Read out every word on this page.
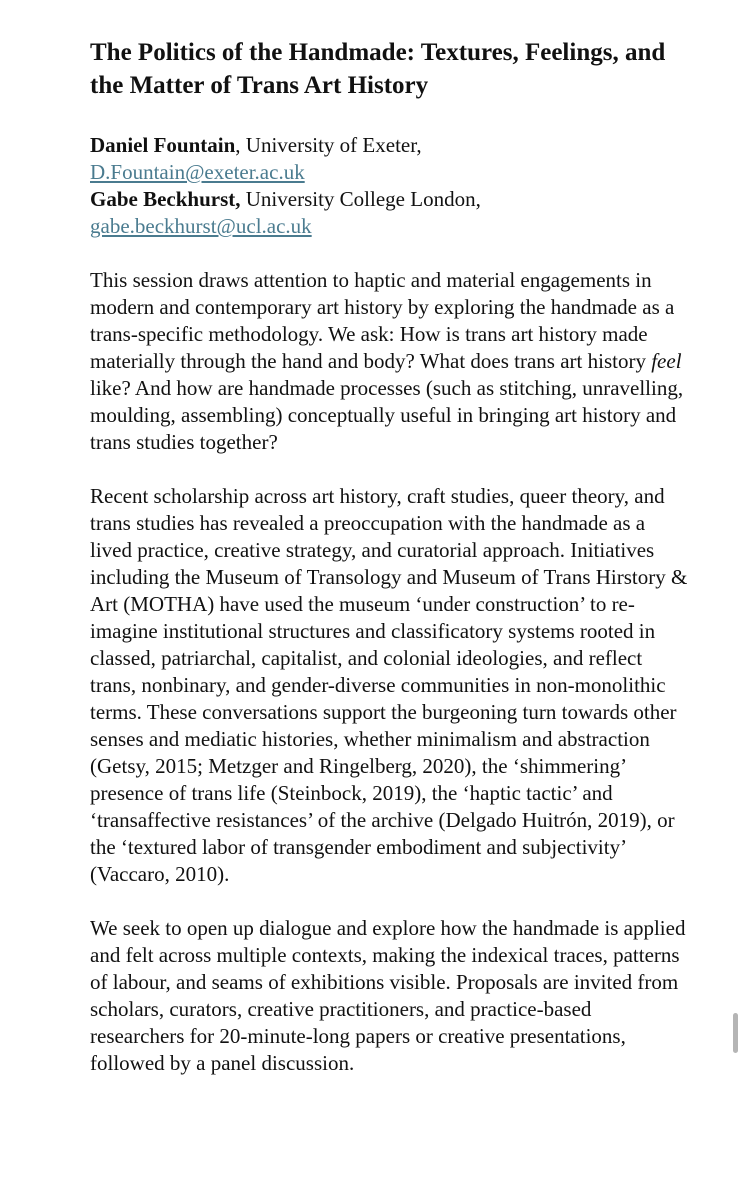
The Politics of the Handmade: Textures, Feelings, and the Matter of Trans Art History
Daniel Fountain, University of Exeter,
D.Fountain@exeter.ac.uk
Gabe Beckhurst, University College London,
gabe.beckhurst@ucl.ac.uk

This session draws attention to haptic and material engagements in modern and contemporary art history by exploring the handmade as a trans-specific methodology. We ask: How is trans art history made materially through the hand and body? What does trans art history feel like? And how are handmade processes (such as stitching, unravelling, moulding, assembling) conceptually useful in bringing art history and trans studies together?

Recent scholarship across art history, craft studies, queer theory, and trans studies has revealed a preoccupation with the handmade as a lived practice, creative strategy, and curatorial approach. Initiatives including the Museum of Transology and Museum of Trans Hirstory & Art (MOTHA) have used the museum ‘under construction’ to re-imagine institutional structures and classificatory systems rooted in classed, patriarchal, capitalist, and colonial ideologies, and reflect trans, nonbinary, and gender-diverse communities in non-monolithic terms. These conversations support the burgeoning turn towards other senses and mediatic histories, whether minimalism and abstraction (Getsy, 2015; Metzger and Ringelberg, 2020), the ‘shimmering’ presence of trans life (Steinbock, 2019), the ‘haptic tactic’ and ‘transaffective resistances’ of the archive (Delgado Huitrón, 2019), or the ‘textured labor of transgender embodiment and subjectivity’ (Vaccaro, 2010).

We seek to open up dialogue and explore how the handmade is applied and felt across multiple contexts, making the indexical traces, patterns of labour, and seams of exhibitions visible. Proposals are invited from scholars, curators, creative practitioners, and practice-based researchers for 20-minute-long papers or creative presentations, followed by a panel discussion.
